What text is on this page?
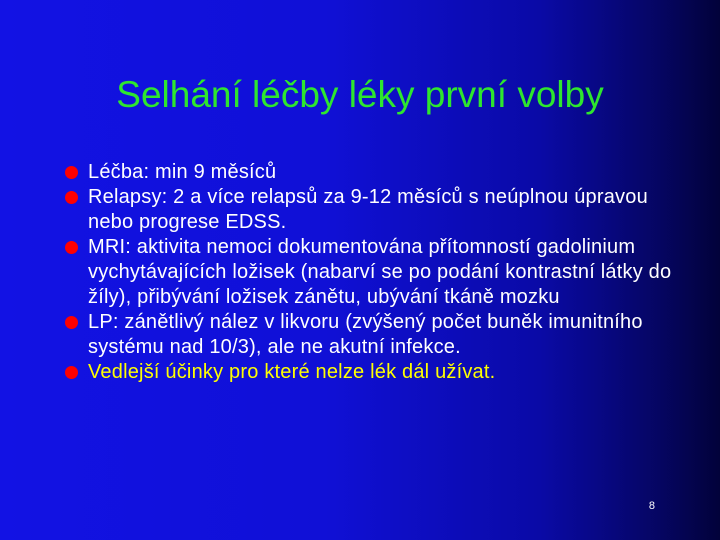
Selhání léčby léky první volby
Léčba: min 9 měsíců
Relapsy: 2 a více relapsů za 9-12 měsíců s neúplnou úpravou nebo progrese EDSS.
MRI: aktivita nemoci dokumentována přítomností gadolinium vychytávajících ložisek (nabarví se po podání kontrastní látky do žíly), přibývání ložisek zánětu, ubývání tkáně mozku
LP: zánětlivý nález v likvoru (zvýšený počet buněk imunitního systému nad 10/3), ale ne akutní infekce.
Vedlejší účinky pro které nelze lék dál užívat.
8
